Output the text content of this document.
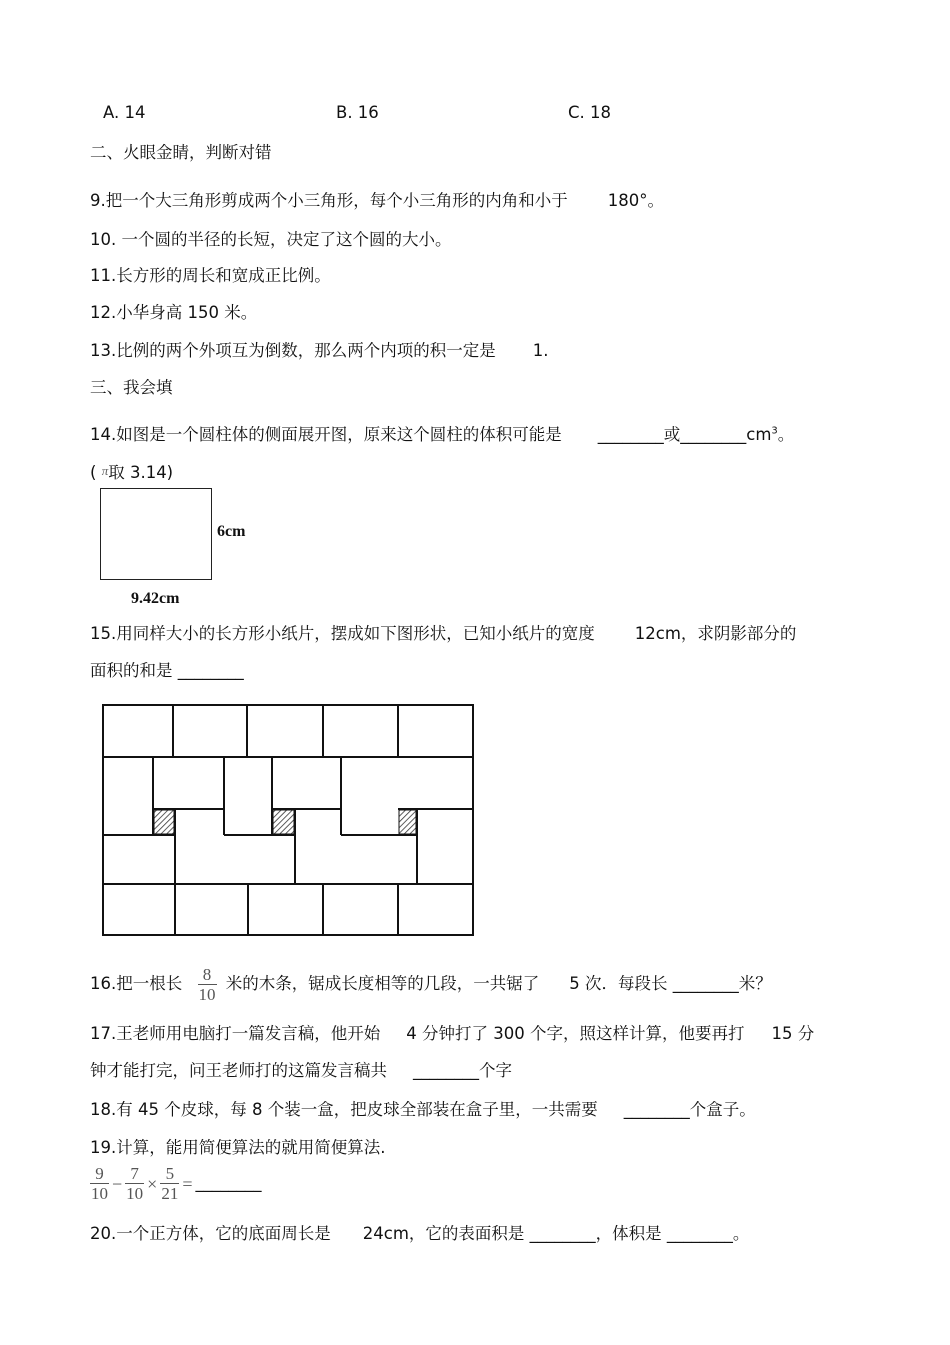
A. 14	B. 16	C. 18
二、火眼金睛，判断对错
9.把一个大三角形剪成两个小三角形，每个小三角形的内角和小于 180°。
10. 一个圆的半径的长短，决定了这个圆的大小。
11.长方形的周长和宽成正比例。
12.小华身高 150 米。
13.比例的两个外项互为倒数，那么两个内项的积一定是 1.
三、我会填
14.如图是一个圆柱体的侧面展开图，原来这个圆柱的体积可能是 ________或$\_\_\_\_\_\_\_\_cm^3$。
( π取 3.14)
6cm
9.42cm
15.用同样大小的长方形小纸片，摆成如下图形状，已知小纸片的宽度 12cm，求阴影部分的
面积的和是 ________
16.把一根长 $\frac{8}{10}$ 米的木条，锯成长度相等的几段，一共锯了 5 次．每段长 ________米？
17.王老师用电脑打一篇发言稿，他开始 4 分钟打了 300 个字，照这样计算，他要再打 15 分
钟才能打完，问王老师打的这篇发言稿共 ________个字
18.有 45 个皮球，每 8 个装一盒，把皮球全部装在盒子里，一共需要 ________个盒子。
19.计算，能用简便算法的就用简便算法.
$\frac{9}{10} - \frac{7}{10} \times \frac{5}{21}$ = ________
20.一个正方体，它的底面周长是 24cm，它的表面积是 ________，体积是 ________。
